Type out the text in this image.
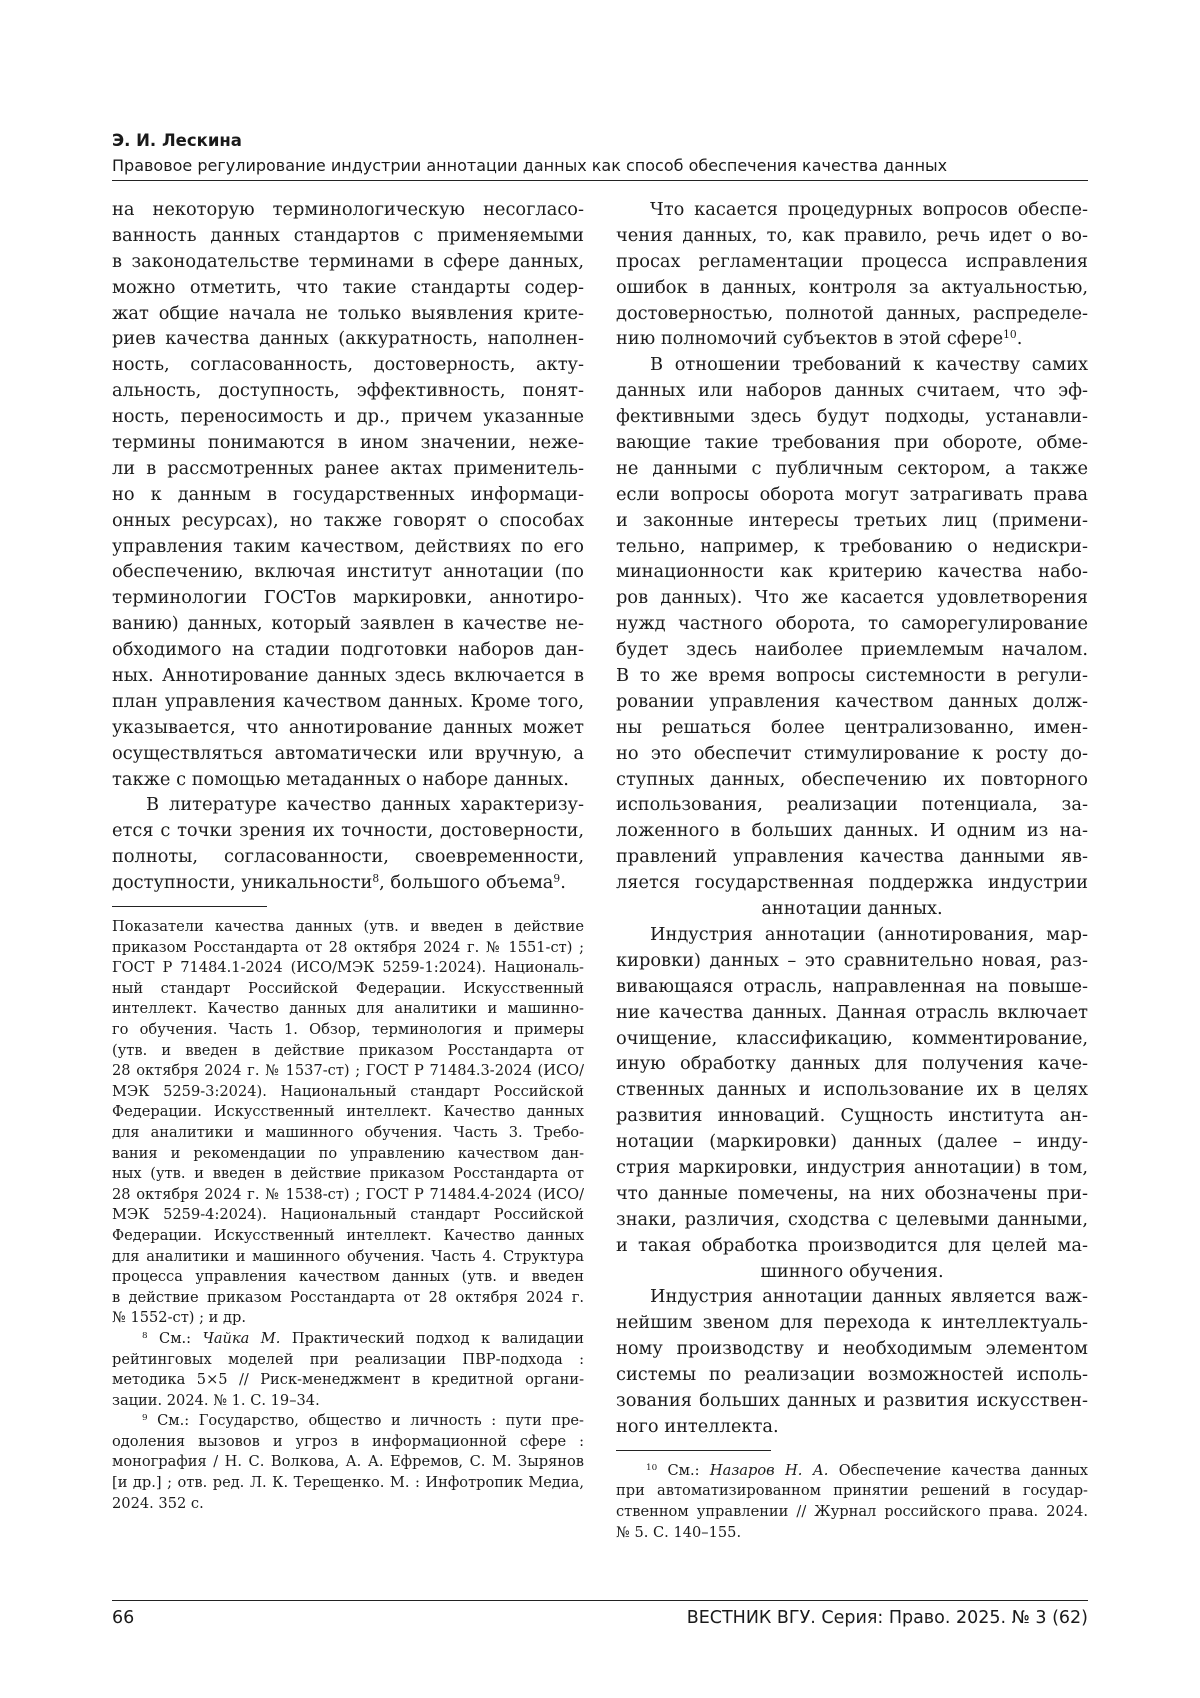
Э. И. Лескина
Правовое регулирование индустрии аннотации данных как способ обеспечения качества данных
на некоторую терминологическую несогласо-
ванность данных стандартов с применяемыми
в законодательстве терминами в сфере данных,
можно отметить, что такие стандарты содер-
жат общие начала не только выявления крите-
риев качества данных (аккуратность, наполнен-
ность, согласованность, достоверность, акту-
альность, доступность, эффективность, понят-
ность, переносимость и др., причем указанные
термины понимаются в ином значении, неже-
ли в рассмотренных ранее актах применитель-
но к данным в государственных информаци-
онных ресурсах), но также говорят о способах
управления таким качеством, действиях по его
обеспечению, включая институт аннотации (по
терминологии ГОСТов маркировки, аннотиро-
ванию) данных, который заявлен в качестве не-
обходимого на стадии подготовки наборов дан-
ных. Аннотирование данных здесь включается в
план управления качеством данных. Кроме того,
указывается, что аннотирование данных может
осуществляться автоматически или вручную, а
также с помощью метаданных о наборе данных.
В литературе качество данных характеризу-
ется с точки зрения их точности, достоверности,
полноты, согласованности, своевременности,
доступности, уникальности$^8$, большого объема$^9$.
Показатели качества данных (утв. и введен в действие
приказом Росстандарта от 28 октября 2024 г. № 1551-ст) ;
ГОСТ Р 71484.1-2024 (ИСО/МЭК 5259-1:2024). Националь-
ный стандарт Российской Федерации. Искусственный
интеллект. Качество данных для аналитики и машинно-
го обучения. Часть 1. Обзор, терминология и примеры
(утв. и введен в действие приказом Росстандарта от
28 октября 2024 г. № 1537-ст) ; ГОСТ Р 71484.3-2024 (ИСО/
МЭК 5259-3:2024). Национальный стандарт Российской
Федерации. Искусственный интеллект. Качество данных
для аналитики и машинного обучения. Часть 3. Требо-
вания и рекомендации по управлению качеством дан-
ных (утв. и введен в действие приказом Росстандарта от
28 октября 2024 г. № 1538-ст) ; ГОСТ Р 71484.4-2024 (ИСО/
МЭК 5259-4:2024). Национальный стандарт Российской
Федерации. Искусственный интеллект. Качество данных
для аналитики и машинного обучения. Часть 4. Структура
процесса управления качеством данных (утв. и введен
в действие приказом Росстандарта от 28 октября 2024 г.
№ 1552-ст) ; и др.
$^8$ См.: Чайка М. Практический подход к валидации
рейтинговых моделей при реализации ПВР-подхода :
методика 5×5 // Риск-менеджмент в кредитной органи-
зации. 2024. № 1. С. 19–34.
$^9$ См.: Государство, общество и личность : пути пре-
одоления вызовов и угроз в информационной сфере :
монография / Н. С. Волкова, А. А. Ефремов, С. М. Зырянов
[и др.] ; отв. ред. Л. К. Терещенко. М. : Инфотропик Медиа,
2024. 352 с.
Что касается процедурных вопросов обеспе-
чения данных, то, как правило, речь идет о во-
просах регламентации процесса исправления
ошибок в данных, контроля за актуальностью,
достоверностью, полнотой данных, распределе-
нию полномочий субъектов в этой сфере$^{10}$.
В отношении требований к качеству самих
данных или наборов данных считаем, что эф-
фективными здесь будут подходы, устанавли-
вающие такие требования при обороте, обме-
не данными с публичным сектором, а также
если вопросы оборота могут затрагивать права
и законные интересы третьих лиц (примени-
тельно, например, к требованию о недискри-
минационности как критерию качества набо-
ров данных). Что же касается удовлетворения
нужд частного оборота, то саморегулирование
будет здесь наиболее приемлемым началом.
В то же время вопросы системности в регули-
ровании управления качеством данных долж-
ны решаться более централизованно, имен-
но это обеспечит стимулирование к росту до-
ступных данных, обеспечению их повторного
использования, реализации потенциала, за-
ложенного в больших данных. И одним из на-
правлений управления качества данными яв-
ляется государственная поддержка индустрии
аннотации данных.
Индустрия аннотации (аннотирования, мар-
кировки) данных – это сравнительно новая, раз-
вивающаяся отрасль, направленная на повыше-
ние качества данных. Данная отрасль включает
очищение, классификацию, комментирование,
иную обработку данных для получения каче-
ственных данных и использование их в целях
развития инноваций. Сущность института ан-
нотации (маркировки) данных (далее – инду-
стрия маркировки, индустрия аннотации) в том,
что данные помечены, на них обозначены при-
знаки, различия, сходства с целевыми данными,
и такая обработка производится для целей ма-
шинного обучения.
Индустрия аннотации данных является важ-
нейшим звеном для перехода к интеллектуаль-
ному производству и необходимым элементом
системы по реализации возможностей исполь-
зования больших данных и развития искусствен-
ного интеллекта.
$^{10}$ См.: Назаров Н. А. Обеспечение качества данных
при автоматизированном принятии решений в государ-
ственном управлении // Журнал российского права. 2024.
№ 5. С. 140–155.
66	ВЕСТНИК ВГУ. Серия: Право. 2025. № 3 (62)
